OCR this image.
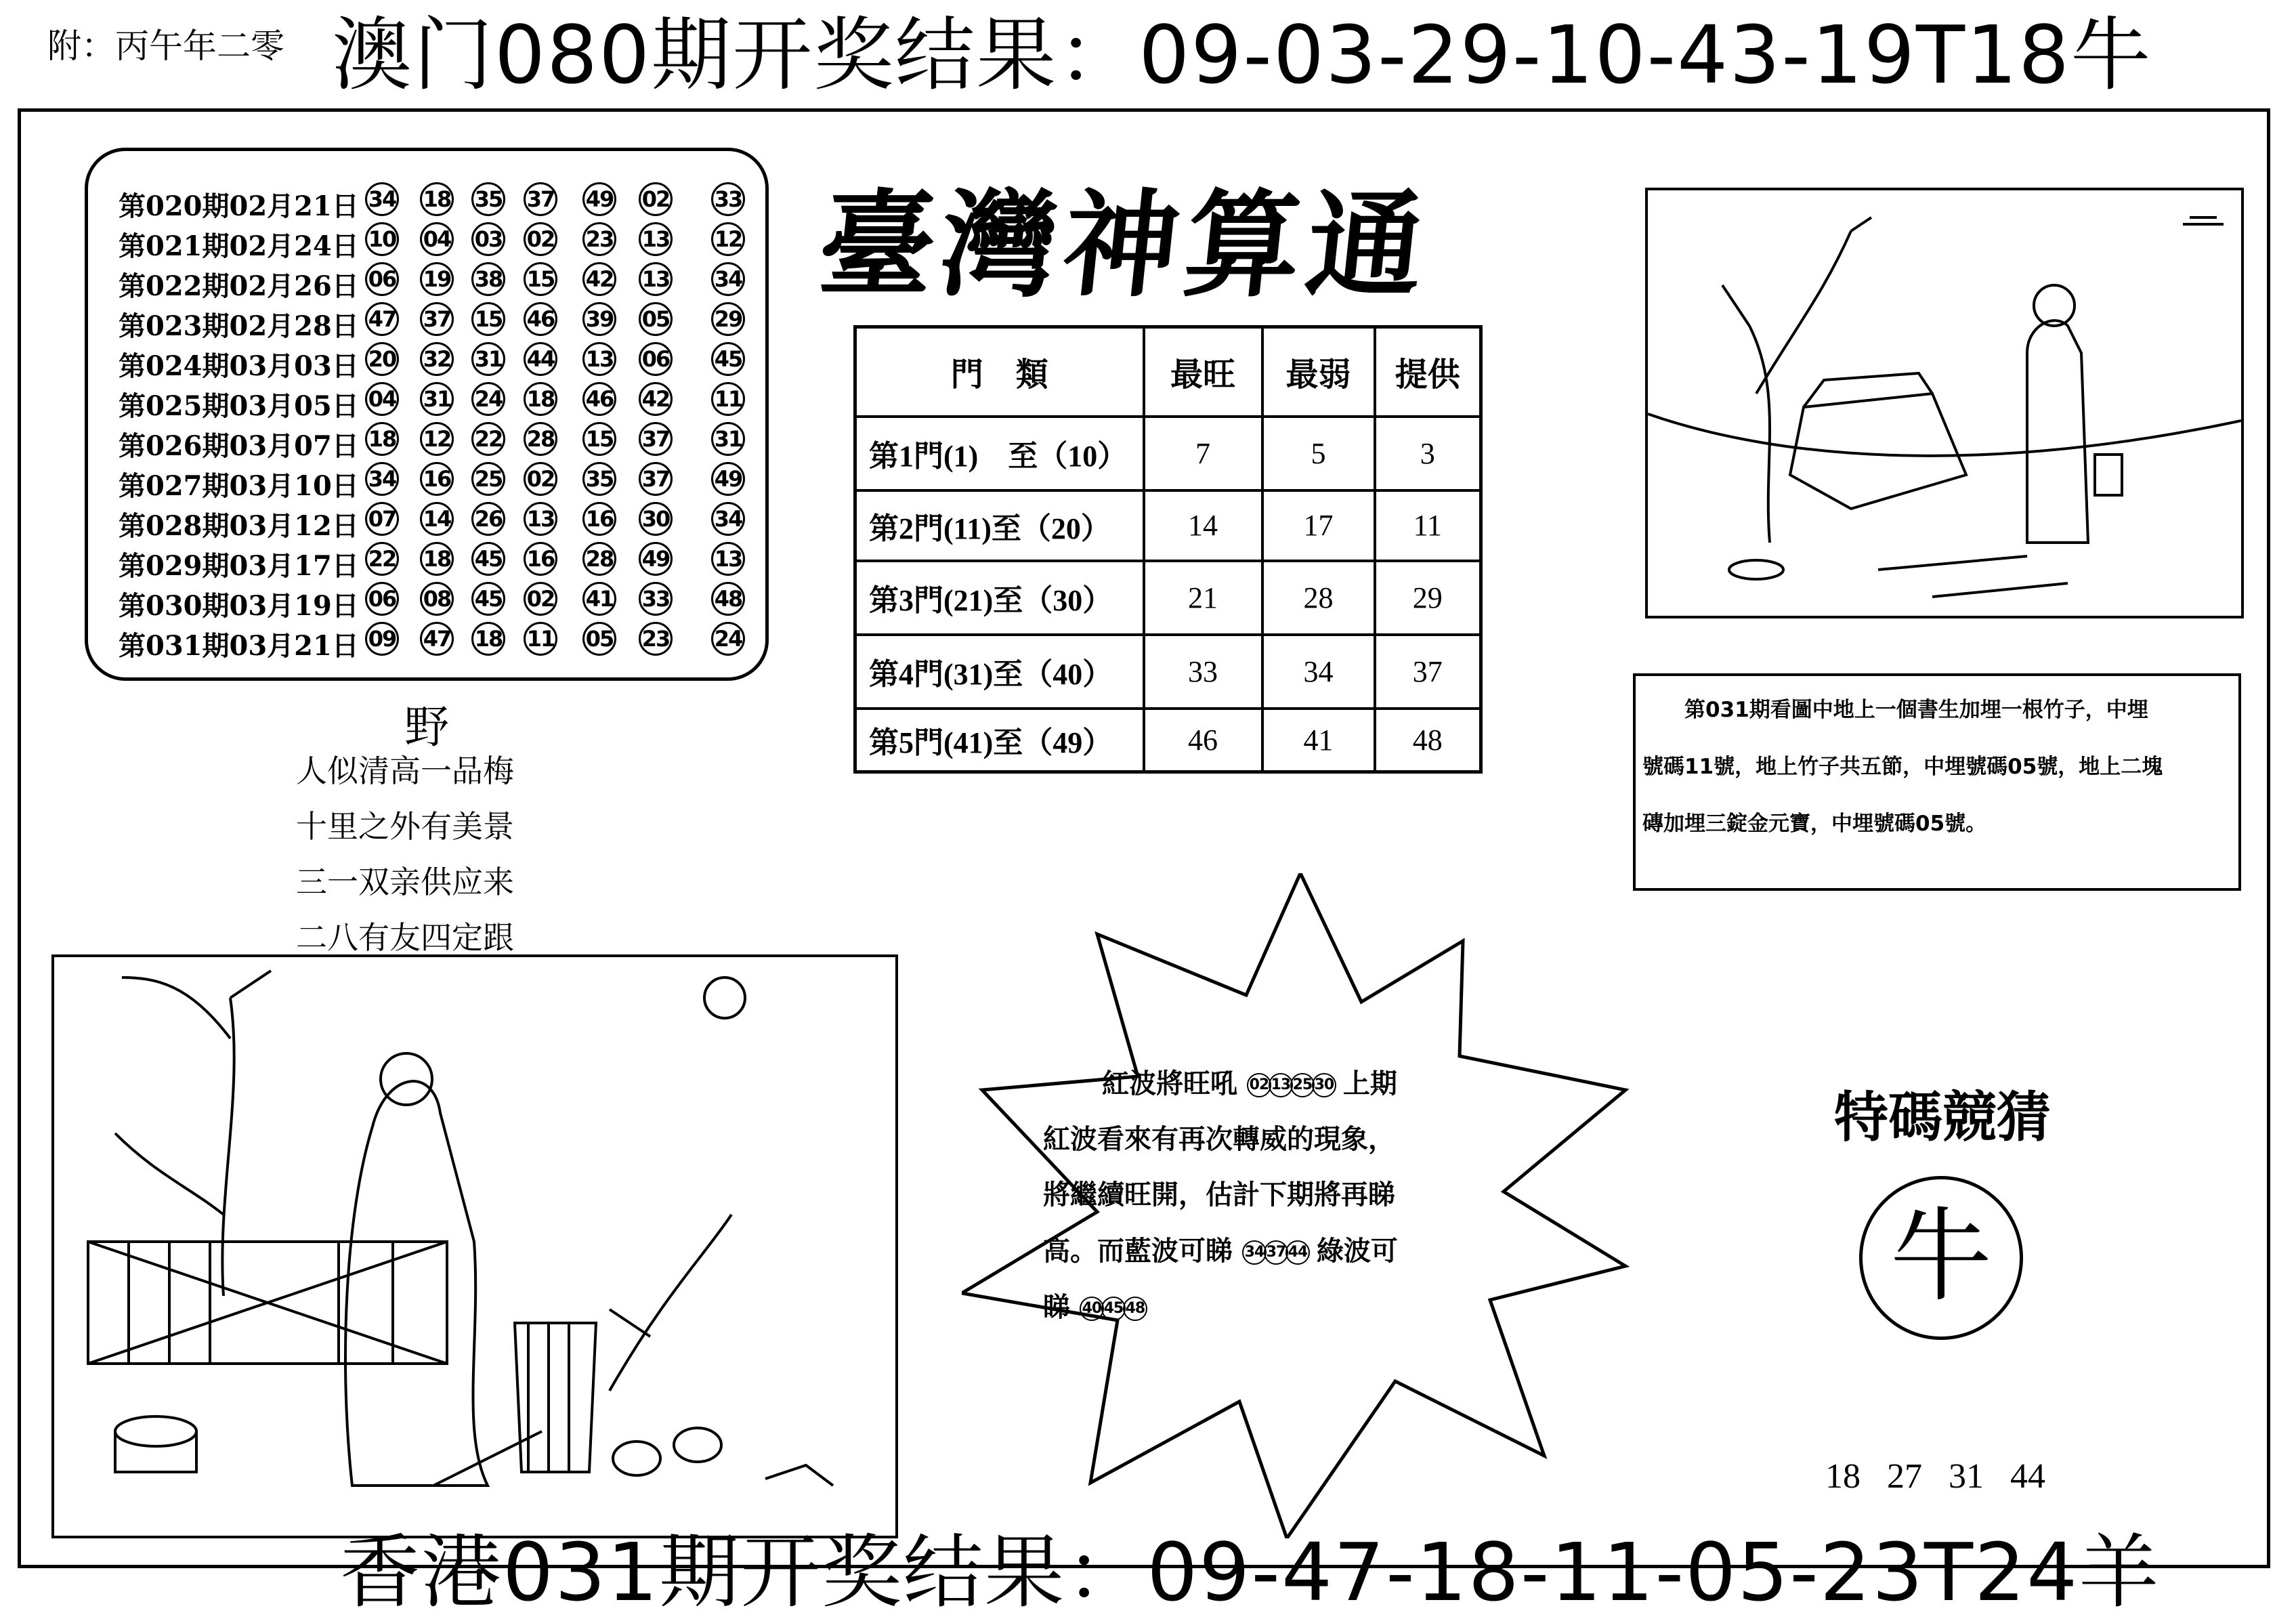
附：丙午年二零 澳门080期开奖结果：09-03-29-10-43-19T18牛
第020期02月21日 34 18 35 37 49 02 33
第021期02月24日 10 04 03 02 23 13 12
第022期02月26日 06 19 38 15 42 13 34
第023期02月28日 47 37 15 46 39 05 29
第024期03月03日 20 32 31 44 13 06 45
第025期03月05日 04 31 24 18 46 42 11
第026期03月07日 18 12 22 28 15 37 31
第027期03月10日 34 16 25 02 35 37 49
第028期03月12日 07 14 26 13 16 30 34
第029期03月17日 22 18 45 16 28 49 13
第030期03月19日 06 08 45 02 41 33 48
第031期03月21日 09 47 18 11 05 23 24
臺灣神算通
門　類	最旺	最弱	提供
第1門(1)　至（10）	7	5	3
第2門(11)至（20）	14	17	11
第3門(21)至（30）	21	28	29
第4門(31)至（40）	33	34	37
第5門(41)至（49）	46	41	48
野
人似清高一品梅
十里之外有美景
三一双亲供应来
二八有友四定跟
　　第031期看圖中地上一個書生加埋一根竹子，中埋
號碼11號，地上竹子共五節，中埋號碼05號，地上二塊
磚加埋三錠金元寶，中埋號碼05號。
紅波將旺吼 02 13 25 30 上期
紅波看來有再次轉威的現象，
將繼續旺開，估計下期將再睇
高。而藍波可睇 34 37 44 綠波可
睇 40 45 48
特碼競猜
牛
18 27 31 44
香港031期开奖结果：09-47-18-11-05-23T24羊
